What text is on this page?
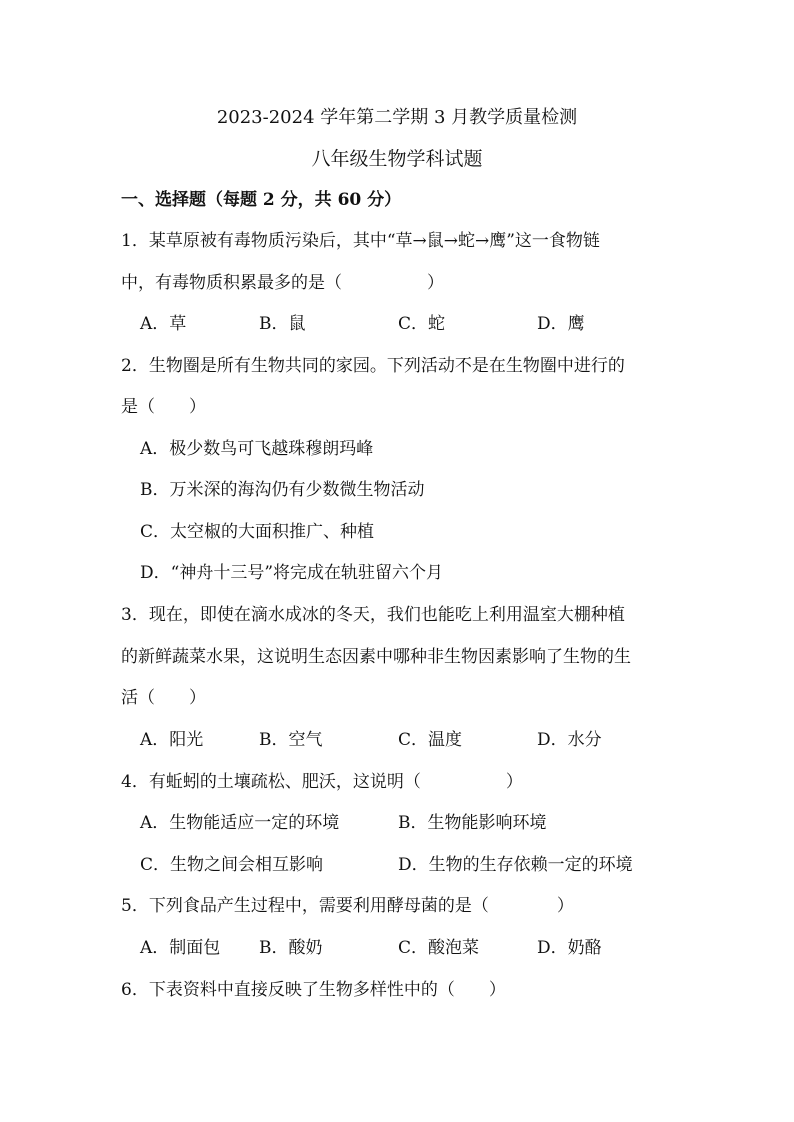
2023-2024 学年第二学期 3 月教学质量检测
八年级生物学科试题
一、选择题（每题 2 分，共 60 分）
1．某草原被有毒物质污染后，其中“草→鼠→蛇→鹰”这一食物链
中，有毒物质积累最多的是（　　　　　）
A．草	B．鼠	C．蛇	D．鹰
2．生物圈是所有生物共同的家园。下列活动不是在生物圈中进行的
是（　　）
A．极少数鸟可飞越珠穆朗玛峰
B．万米深的海沟仍有少数微生物活动
C．太空椒的大面积推广、种植
D．“神舟十三号”将完成在轨驻留六个月
3．现在，即使在滴水成冰的冬天，我们也能吃上利用温室大棚种植
的新鲜蔬菜水果，这说明生态因素中哪种非生物因素影响了生物的生
活（　　）
A．阳光	B．空气	C．温度	D．水分
4．有蚯蚓的土壤疏松、肥沃，这说明（　　　　　）
A．生物能适应一定的环境	B．生物能影响环境
C．生物之间会相互影响	D．生物的生存依赖一定的环境
5．下列食品产生过程中，需要利用酵母菌的是（　　　　）
A．制面包 B．酸奶	C．酸泡菜	D．奶酪
6．下表资料中直接反映了生物多样性中的（　　）
